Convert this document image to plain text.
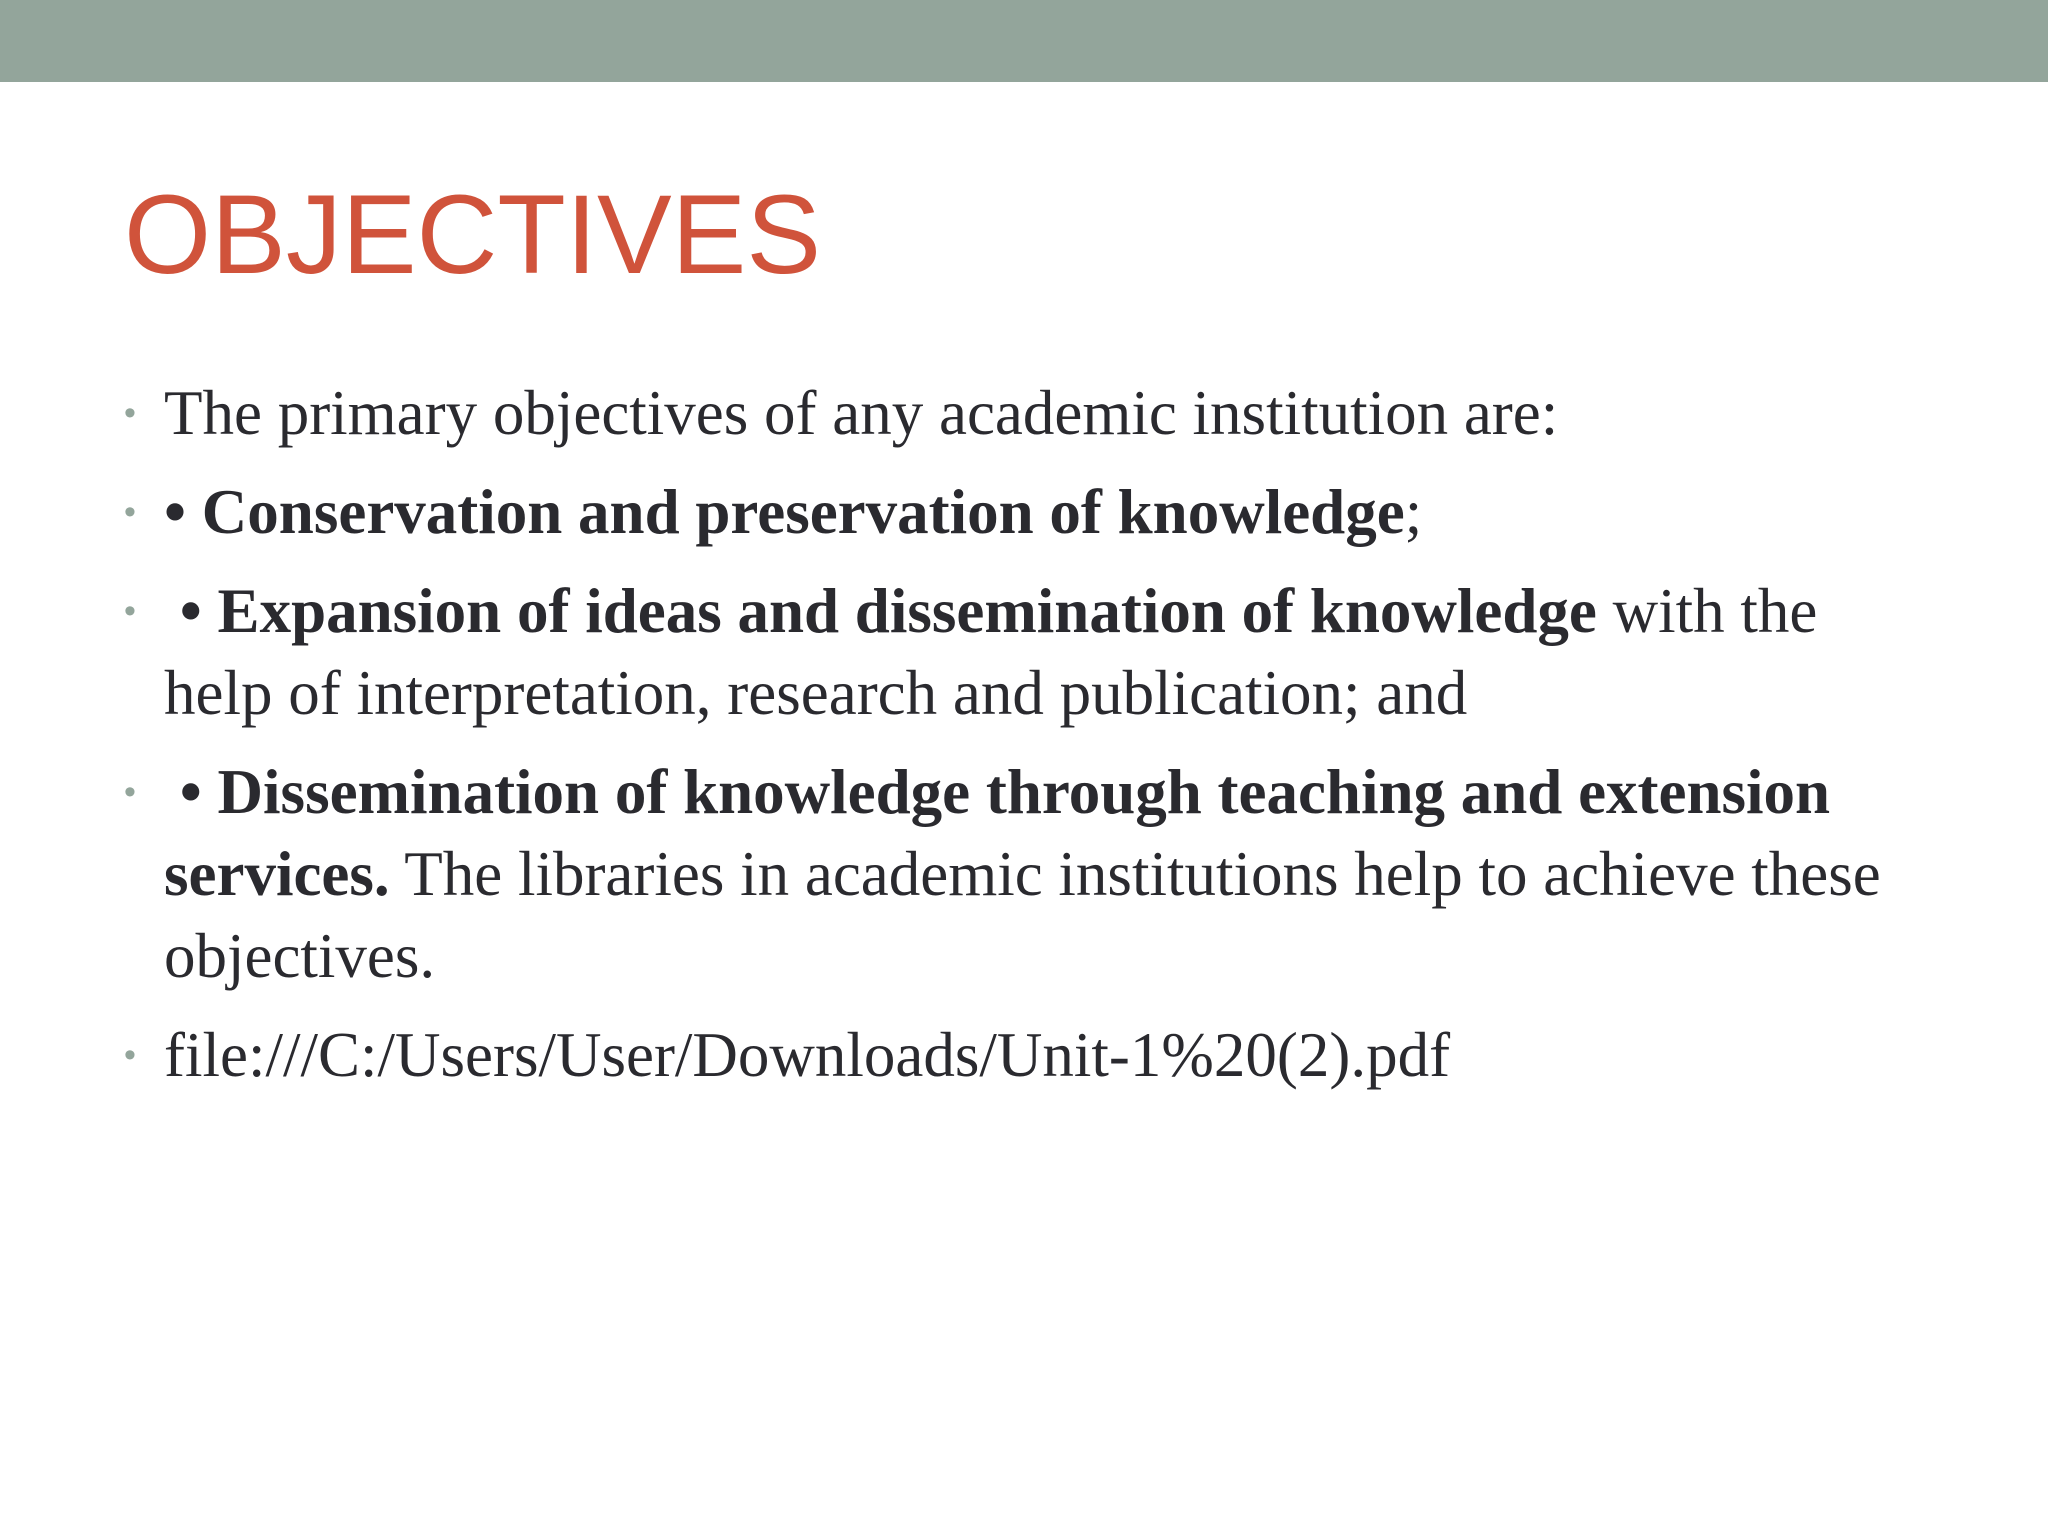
OBJECTIVES
• The primary objectives of any academic institution are:
• • Conservation and preservation of knowledge;
• • Expansion of ideas and dissemination of knowledge with the help of interpretation, research and publication; and
• • Dissemination of knowledge through teaching and extension services. The libraries in academic institutions help to achieve these objectives.
• file:///C:/Users/User/Downloads/Unit-1%20(2).pdf
